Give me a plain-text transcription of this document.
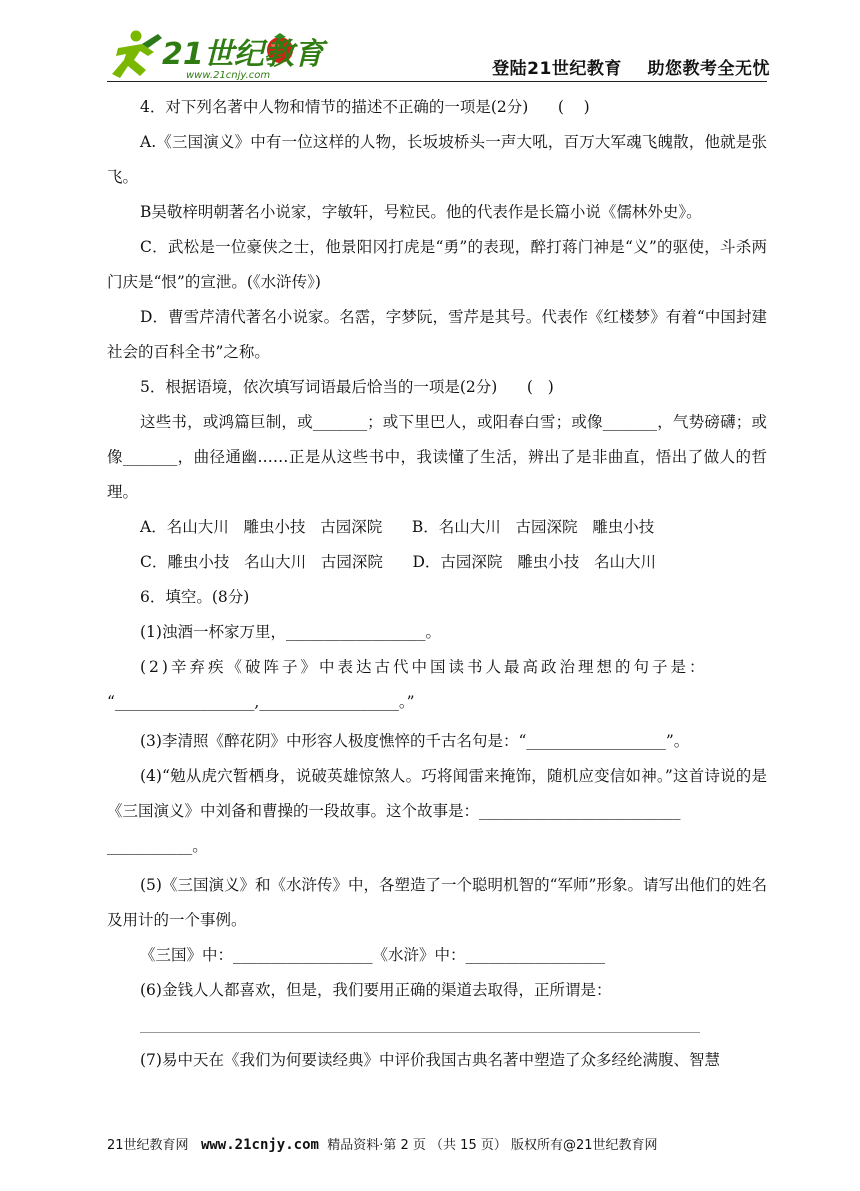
21世纪教育
www.21cnjy.com	登陆21世纪教育    助您教考全无忧

4．对下列名著中人物和情节的描述不正确的一项是(2分)      (    )

A.《三国演义》中有一位这样的人物，长坂坡桥头一声大吼，百万大军魂飞魄散，他就是张飞。

B吴敬梓明朝著名小说家，字敏轩，号粒民。他的代表作是长篇小说《儒林外史》。

C．武松是一位豪侠之士，他景阳冈打虎是“勇”的表现，醉打蒋门神是“义”的驱使，斗杀两门庆是“恨”的宣泄。(《水浒传》)

D．曹雪芹清代著名小说家。名霑，字梦阮，雪芹是其号。代表作《红楼梦》有着“中国封建社会的百科全书”之称。

5．根据语境，依次填写词语最后恰当的一项是(2分)      (   )

这些书，或鸿篇巨制，或_______；或下里巴人，或阳春白雪；或像_______，气势磅礴；或像_______，曲径通幽……正是从这些书中，我读懂了生活，辨出了是非曲直，悟出了做人的哲理。

A．名山大川   雕虫小技   古园深院      B．名山大川   古园深院   雕虫小技

C．雕虫小技   名山大川   古园深院      D．古园深院   雕虫小技   名山大川

6．填空。(8分)

(1)浊酒一杯家万里，__________________。

(2)辛弃疾《破阵子》中表达古代中国读书人最高政治理想的句子是：

“__________________,__________________。”

(3)李清照《醉花阴》中形容人极度憔悴的千古名句是：“__________________”。

(4)“勉从虎穴暂栖身，说破英雄惊煞人。巧将闻雷来掩饰，随机应变信如神。”这首诗说的是《三国演义》中刘备和曹操的一段故事。这个故事是：__________________________

___________。

(5)《三国演义》和《水浒传》中，各塑造了一个聪明机智的“军师”形象。请写出他们的姓名及用计的一个事例。

《三国》中：__________________《水浒》中：__________________

(6)金钱人人都喜欢，但是，我们要用正确的渠道去取得，正所谓是：

(7)易中天在《我们为何要读经典》中评价我国古典名著中塑造了众多经纶满腹、智慧

21世纪教育网 www.21cnjy.com 精品资料·第 2 页 （共 15 页） 版权所有@21世纪教育网
